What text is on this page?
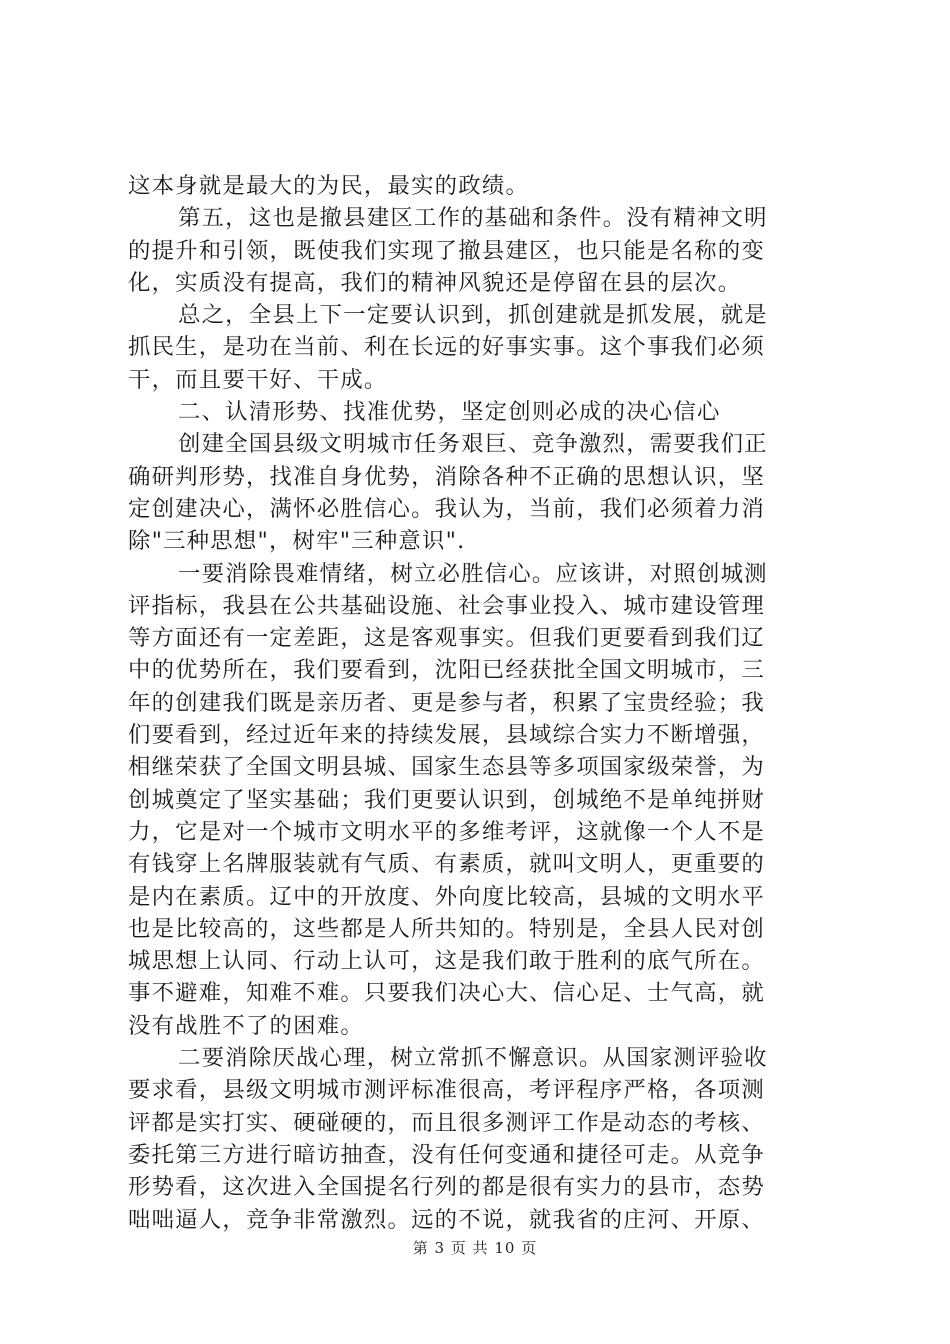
这本身就是最大的为民，最实的政绩。
第五，这也是撤县建区工作的基础和条件。没有精神文明
的提升和引领，既使我们实现了撤县建区，也只能是名称的变
化，实质没有提高，我们的精神风貌还是停留在县的层次。
总之，全县上下一定要认识到，抓创建就是抓发展，就是
抓民生，是功在当前、利在长远的好事实事。这个事我们必须
干，而且要干好、干成。
二、认清形势、找准优势，坚定创则必成的决心信心
创建全国县级文明城市任务艰巨、竞争激烈，需要我们正
确研判形势，找准自身优势，消除各种不正确的思想认识，坚
定创建决心，满怀必胜信心。我认为，当前，我们必须着力消
除"三种思想"，树牢"三种意识".
一要消除畏难情绪，树立必胜信心。应该讲，对照创城测
评指标，我县在公共基础设施、社会事业投入、城市建设管理
等方面还有一定差距，这是客观事实。但我们更要看到我们辽
中的优势所在，我们要看到，沈阳已经获批全国文明城市，三
年的创建我们既是亲历者、更是参与者，积累了宝贵经验；我
们要看到，经过近年来的持续发展，县域综合实力不断增强，
相继荣获了全国文明县城、国家生态县等多项国家级荣誉，为
创城奠定了坚实基础；我们更要认识到，创城绝不是单纯拼财
力，它是对一个城市文明水平的多维考评，这就像一个人不是
有钱穿上名牌服装就有气质、有素质，就叫文明人，更重要的
是内在素质。辽中的开放度、外向度比较高，县城的文明水平
也是比较高的，这些都是人所共知的。特别是，全县人民对创
城思想上认同、行动上认可，这是我们敢于胜利的底气所在。
事不避难，知难不难。只要我们决心大、信心足、士气高，就
没有战胜不了的困难。
二要消除厌战心理，树立常抓不懈意识。从国家测评验收
要求看，县级文明城市测评标准很高，考评程序严格，各项测
评都是实打实、硬碰硬的，而且很多测评工作是动态的考核、
委托第三方进行暗访抽查，没有任何变通和捷径可走。从竞争
形势看，这次进入全国提名行列的都是很有实力的县市，态势
咄咄逼人，竞争非常激烈。远的不说，就我省的庄河、开原、
第 3 页 共 10 页
